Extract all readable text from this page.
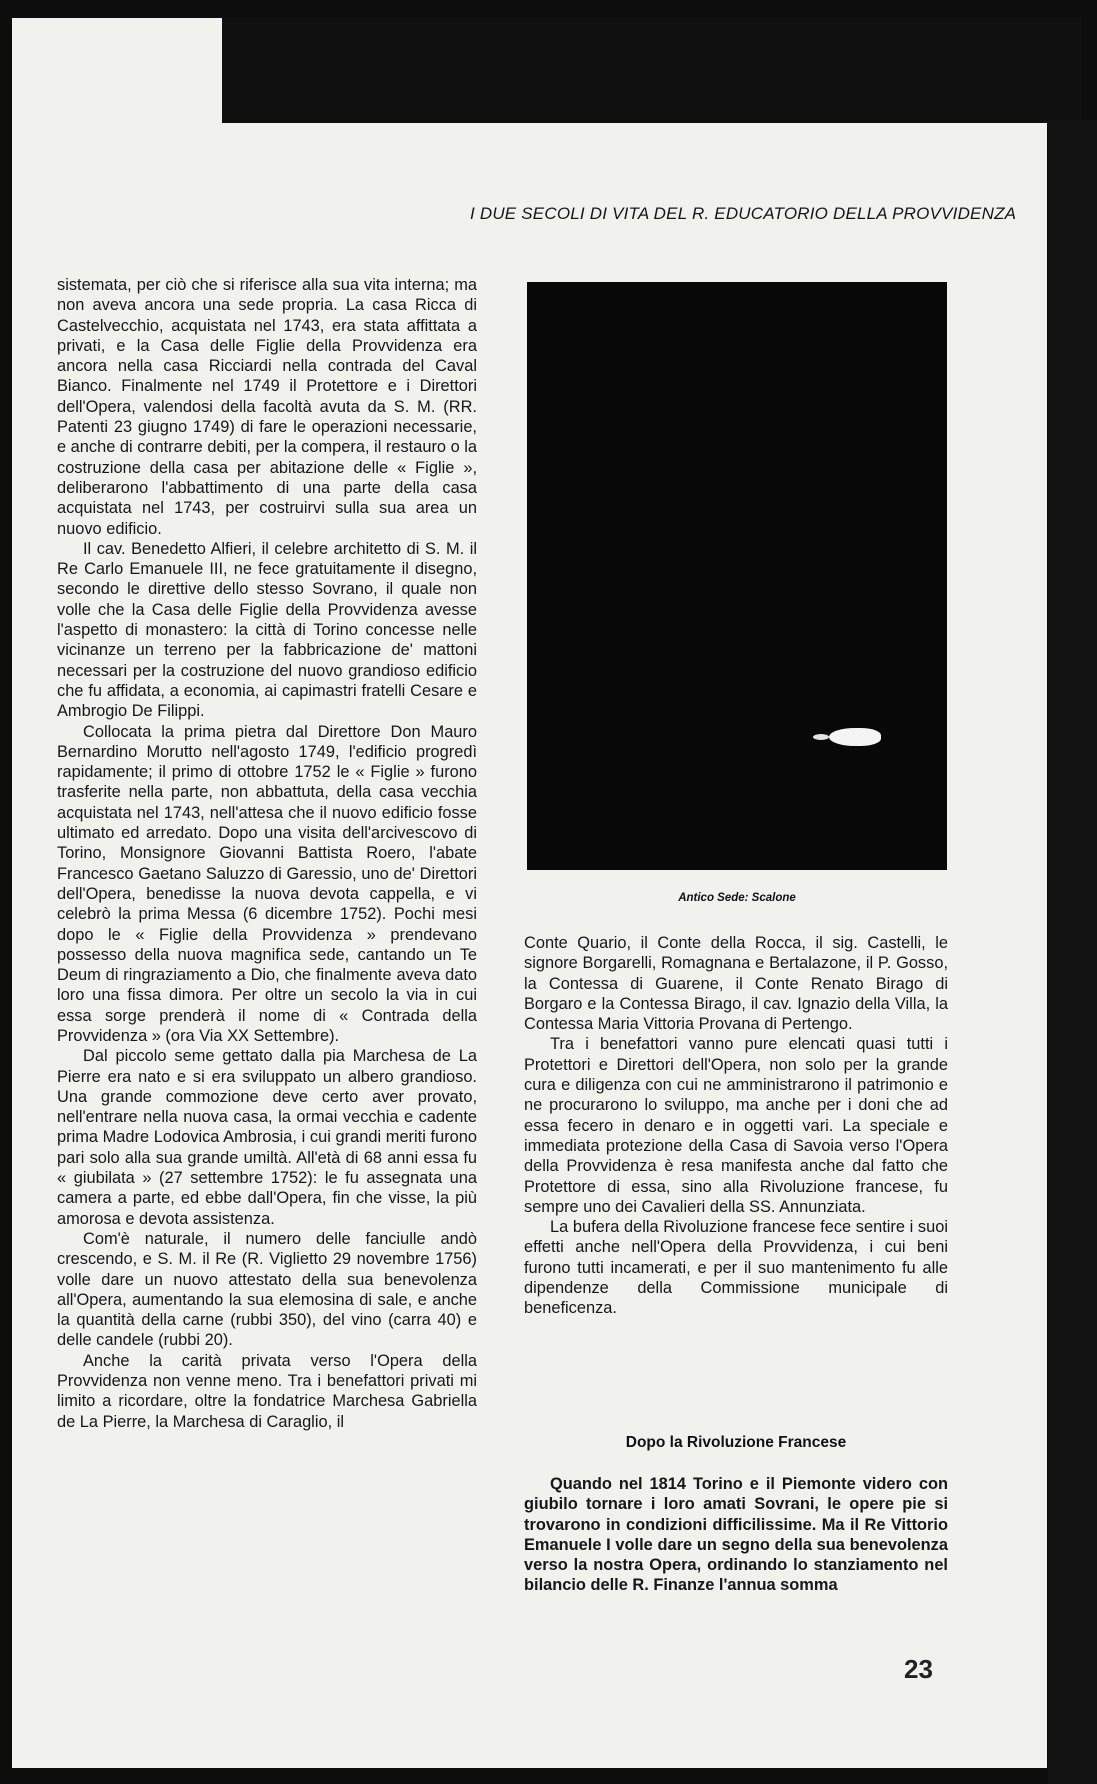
I DUE SECOLI DI VITA DEL R. EDUCATORIO DELLA PROVVIDENZA

sistemata, per ciò che si riferisce alla sua vita interna; ma non aveva ancora una sede propria. La casa Ricca di Castelvecchio, acquistata nel 1743, era stata affittata a privati, e la Casa delle Figlie della Provvidenza era ancora nella casa Ricciardi nella contrada del Caval Bianco. Finalmente nel 1749 il Protettore e i Direttori dell'Opera, valendosi della facoltà avuta da S. M. (RR. Patenti 23 giugno 1749) di fare le operazioni necessarie, e anche di contrarre debiti, per la compera, il restauro o la costruzione della casa per abitazione delle « Figlie », deliberarono l'abbattimento di una parte della casa acquistata nel 1743, per costruirvi sulla sua area un nuovo edificio.

Il cav. Benedetto Alfieri, il celebre architetto di S. M. il Re Carlo Emanuele III, ne fece gratuitamente il disegno, secondo le direttive dello stesso Sovrano, il quale non volle che la Casa delle Figlie della Provvidenza avesse l'aspetto di monastero: la città di Torino concesse nelle vicinanze un terreno per la fabbricazione de' mattoni necessari per la costruzione del nuovo grandioso edificio che fu affidata, a economia, ai capimastri fratelli Cesare e Ambrogio De Filippi.

Collocata la prima pietra dal Direttore Don Mauro Bernardino Morutto nell'agosto 1749, l'edificio progredì rapidamente; il primo di ottobre 1752 le « Figlie » furono trasferite nella parte, non abbattuta, della casa vecchia acquistata nel 1743, nell'attesa che il nuovo edificio fosse ultimato ed arredato. Dopo una visita dell'arcivescovo di Torino, Monsignore Giovanni Battista Roero, l'abate Francesco Gaetano Saluzzo di Garessio, uno de' Direttori dell'Opera, benedisse la nuova devota cappella, e vi celebrò la prima Messa (6 dicembre 1752). Pochi mesi dopo le « Figlie della Provvidenza » prendevano possesso della nuova magnifica sede, cantando un Te Deum di ringraziamento a Dio, che finalmente aveva dato loro una fissa dimora. Per oltre un secolo la via in cui essa sorge prenderà il nome di « Contrada della Provvidenza » (ora Via XX Settembre).

Dal piccolo seme gettato dalla pia Marchesa de La Pierre era nato e si era sviluppato un albero grandioso. Una grande commozione deve certo aver provato, nell'entrare nella nuova casa, la ormai vecchia e cadente prima Madre Lodovica Ambrosia, i cui grandi meriti furono pari solo alla sua grande umiltà. All'età di 68 anni essa fu « giubilata » (27 settembre 1752): le fu assegnata una camera a parte, ed ebbe dall'Opera, fin che visse, la più amorosa e devota assistenza.

Com'è naturale, il numero delle fanciulle andò crescendo, e S. M. il Re (R. Viglietto 29 novembre 1756) volle dare un nuovo attestato della sua benevolenza all'Opera, aumentando la sua elemosina di sale, e anche la quantità della carne (rubbi 350), del vino (carra 40) e delle candele (rubbi 20).

Anche la carità privata verso l'Opera della Provvidenza non venne meno. Tra i benefattori privati mi limito a ricordare, oltre la fondatrice Marchesa Gabriella de La Pierre, la Marchesa di Caraglio, il

Antico Sede: Scalone

Conte Quario, il Conte della Rocca, il sig. Castelli, le signore Borgarelli, Romagnana e Bertalazone, il P. Gosso, la Contessa di Guarene, il Conte Renato Birago di Borgaro e la Contessa Birago, il cav. Ignazio della Villa, la Contessa Maria Vittoria Provana di Pertengo.

Tra i benefattori vanno pure elencati quasi tutti i Protettori e Direttori dell'Opera, non solo per la grande cura e diligenza con cui ne amministrarono il patrimonio e ne procurarono lo sviluppo, ma anche per i doni che ad essa fecero in denaro e in oggetti vari. La speciale e immediata protezione della Casa di Savoia verso l'Opera della Provvidenza è resa manifesta anche dal fatto che Protettore di essa, sino alla Rivoluzione francese, fu sempre uno dei Cavalieri della SS. Annunziata.

La bufera della Rivoluzione francese fece sentire i suoi effetti anche nell'Opera della Provvidenza, i cui beni furono tutti incamerati, e per il suo mantenimento fu alle dipendenze della Commissione municipale di beneficenza.

Dopo la Rivoluzione Francese

Quando nel 1814 Torino e il Piemonte videro con giubilo tornare i loro amati Sovrani, le opere pie si trovarono in condizioni difficilissime. Ma il Re Vittorio Emanuele I volle dare un segno della sua benevolenza verso la nostra Opera, ordinando lo stanziamento nel bilancio delle R. Finanze l'annua somma

23
